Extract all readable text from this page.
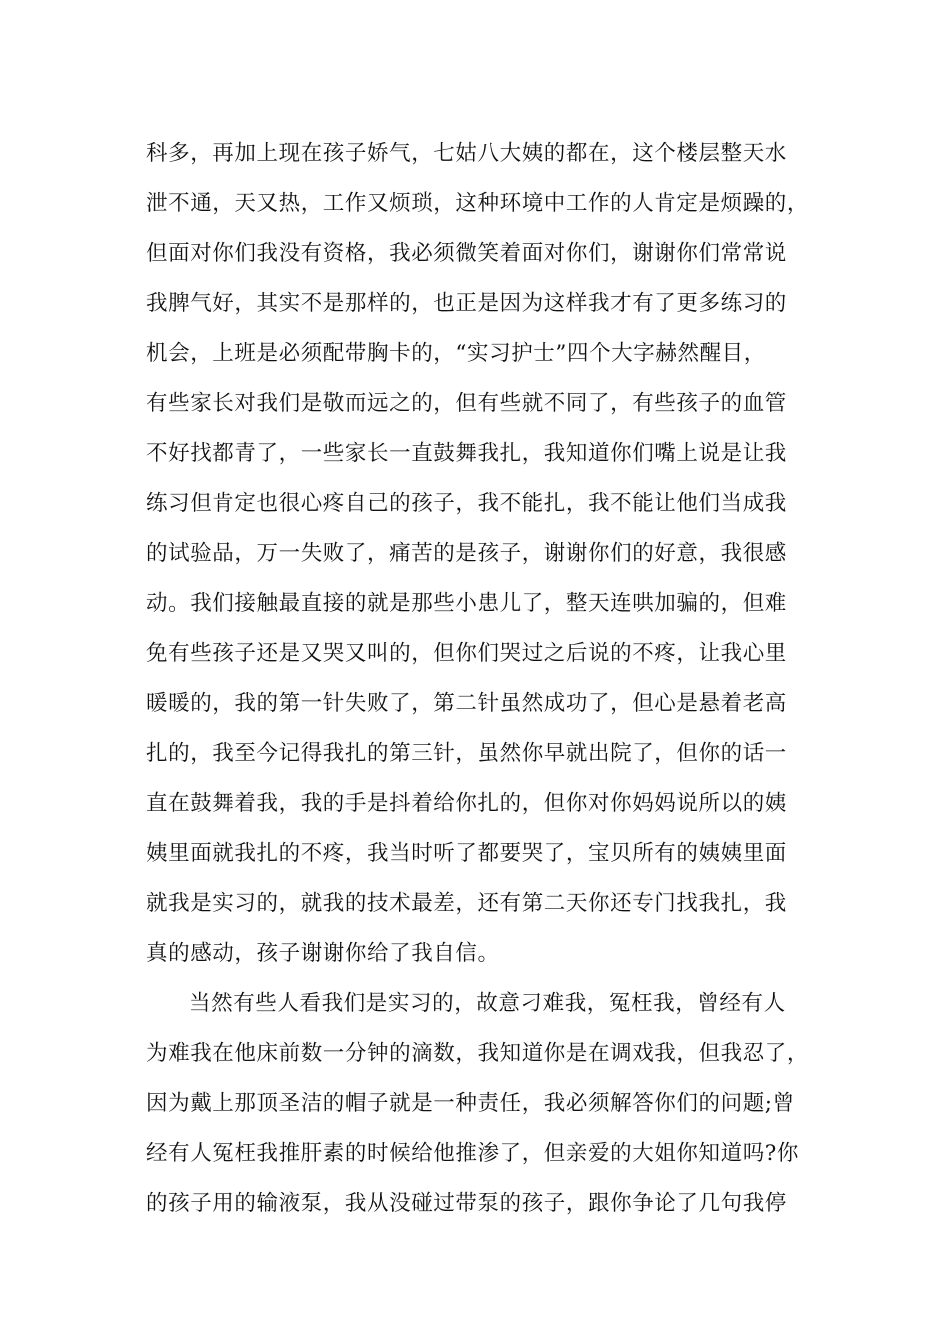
科多，再加上现在孩子娇气，七姑八大姨的都在，这个楼层整天水
泄不通，天又热，工作又烦琐，这种环境中工作的人肯定是烦躁的，
但面对你们我没有资格，我必须微笑着面对你们，谢谢你们常常说
我脾气好，其实不是那样的，也正是因为这样我才有了更多练习的
机会，上班是必须配带胸卡的，“实习护士”四个大字赫然醒目，
有些家长对我们是敬而远之的，但有些就不同了，有些孩子的血管
不好找都青了，一些家长一直鼓舞我扎，我知道你们嘴上说是让我
练习但肯定也很心疼自己的孩子，我不能扎，我不能让他们当成我
的试验品，万一失败了，痛苦的是孩子，谢谢你们的好意，我很感
动。我们接触最直接的就是那些小患儿了，整天连哄加骗的，但难
免有些孩子还是又哭又叫的，但你们哭过之后说的不疼，让我心里
暖暖的，我的第一针失败了，第二针虽然成功了，但心是悬着老高
扎的，我至今记得我扎的第三针，虽然你早就出院了，但你的话一
直在鼓舞着我，我的手是抖着给你扎的，但你对你妈妈说所以的姨
姨里面就我扎的不疼，我当时听了都要哭了，宝贝所有的姨姨里面
就我是实习的，就我的技术最差，还有第二天你还专门找我扎，我
真的感动，孩子谢谢你给了我自信。
当然有些人看我们是实习的，故意刁难我，冤枉我，曾经有人
为难我在他床前数一分钟的滴数，我知道你是在调戏我，但我忍了，
因为戴上那顶圣洁的帽子就是一种责任，我必须解答你们的问题;曾
经有人冤枉我推肝素的时候给他推渗了，但亲爱的大姐你知道吗?你
的孩子用的输液泵，我从没碰过带泵的孩子，跟你争论了几句我停
